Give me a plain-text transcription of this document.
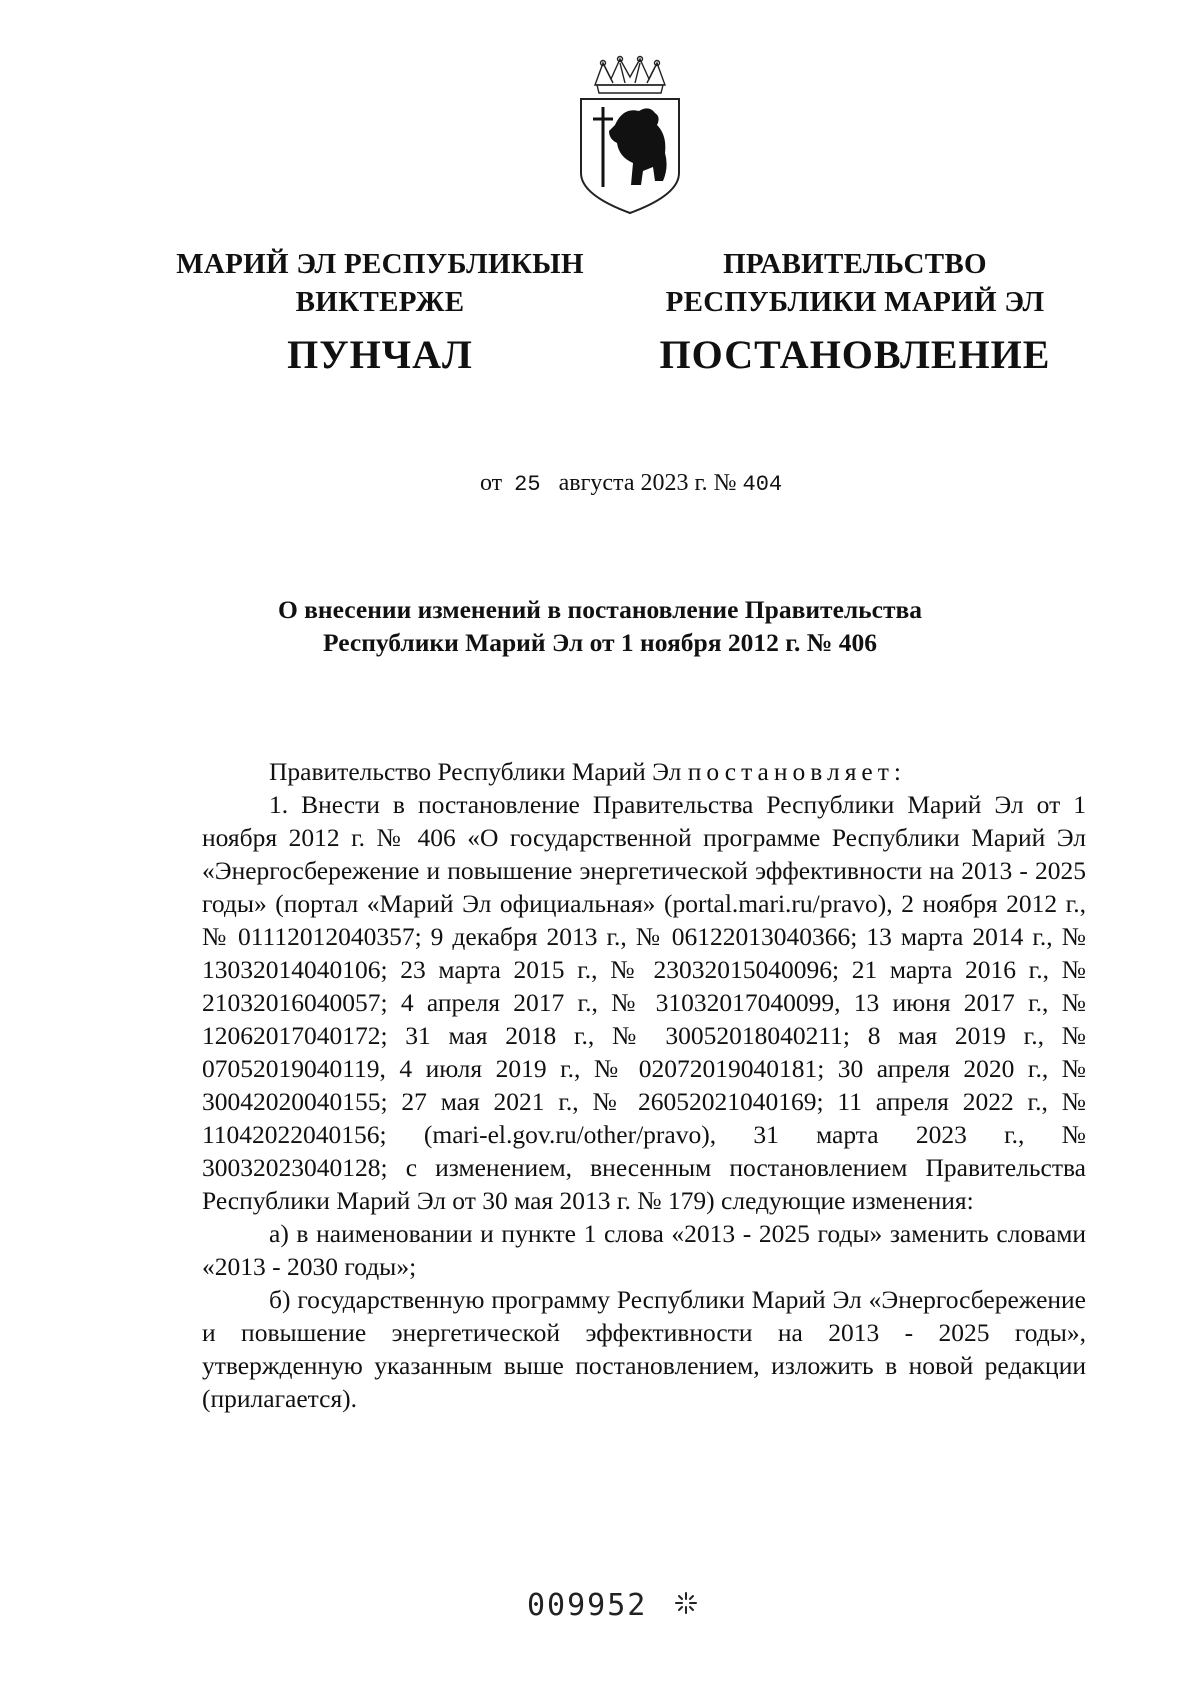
МАРИЙ ЭЛ РЕСПУБЛИКЫН
ВИКТЕРЖЕ
ПУНЧАЛ
ПРАВИТЕЛЬСТВО
РЕСПУБЛИКИ МАРИЙ ЭЛ
ПОСТАНОВЛЕНИЕ
от 25 августа 2023 г. № 404
О внесении изменений в постановление Правительства
Республики Марий Эл от 1 ноября 2012 г. № 406

Правительство Республики Марий Эл постановляет:

1. Внести в постановление Правительства Республики Марий Эл от 1 ноября 2012 г. № 406 «О государственной программе Республики Марий Эл «Энергосбережение и повышение энергетической эффективности на 2013 - 2025 годы» (портал «Марий Эл официальная» (portal.mari.ru/pravo), 2 ноября 2012 г., № 01112012040357; 9 декабря 2013 г., № 06122013040366; 13 марта 2014 г., № 13032014040106; 23 марта 2015 г., № 23032015040096; 21 марта 2016 г., № 21032016040057; 4 апреля 2017 г., № 31032017040099, 13 июня 2017 г., № 12062017040172; 31 мая 2018 г., № 30052018040211; 8 мая 2019 г., № 07052019040119, 4 июля 2019 г., № 02072019040181; 30 апреля 2020 г., № 30042020040155; 27 мая 2021 г., № 26052021040169; 11 апреля 2022 г., № 11042022040156; (mari-el.gov.ru/other/pravo), 31 марта 2023 г., № 30032023040128; с изменением, внесенным постановлением Правительства Республики Марий Эл от 30 мая 2013 г. № 179) следующие изменения:

а) в наименовании и пункте 1 слова «2013 - 2025 годы» заменить словами «2013 - 2030 годы»;

б) государственную программу Республики Марий Эл «Энергосбережение и повышение энергетической эффективности на 2013 - 2025 годы», утвержденную указанным выше постановлением, изложить в новой редакции (прилагается).

009952
